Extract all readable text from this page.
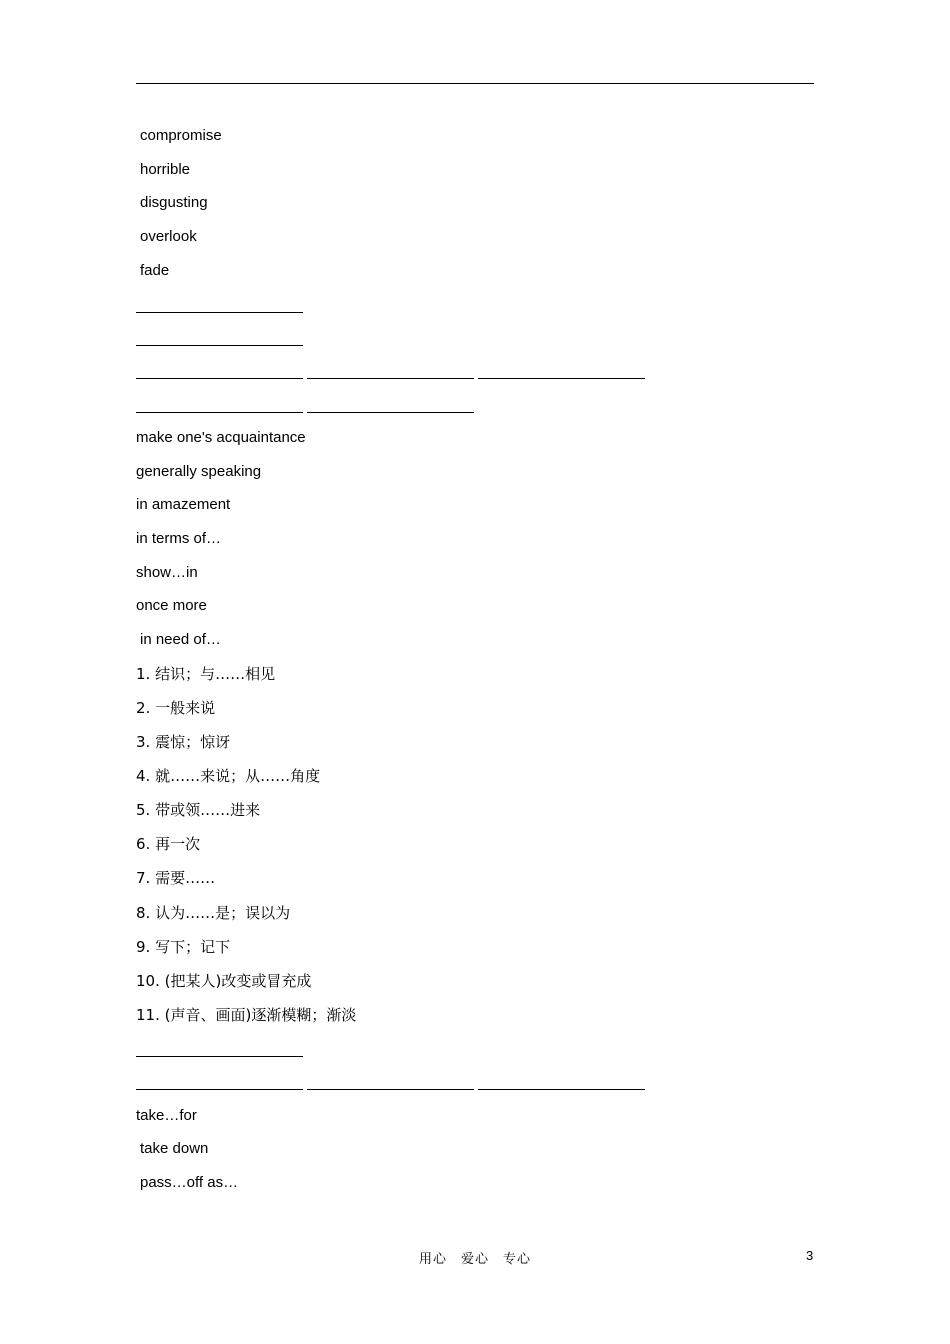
compromise
horrible
disgusting
overlook
fade
make one's acquaintance
generally speaking
in amazement
in terms of…
show…in
once more
in need of…
1. 结识；与……相见
2. 一般来说
3. 震惊；惊讶
4. 就……来说；从……角度
5. 带或领……进来
6. 再一次
7. 需要……
8. 认为……是；误以为
9. 写下；记下
10. (把某人)改变或冒充成
11. (声音、画面)逐渐模糊；渐淡
take…for
take down
pass…off as…
用心　爱心　专心	3
